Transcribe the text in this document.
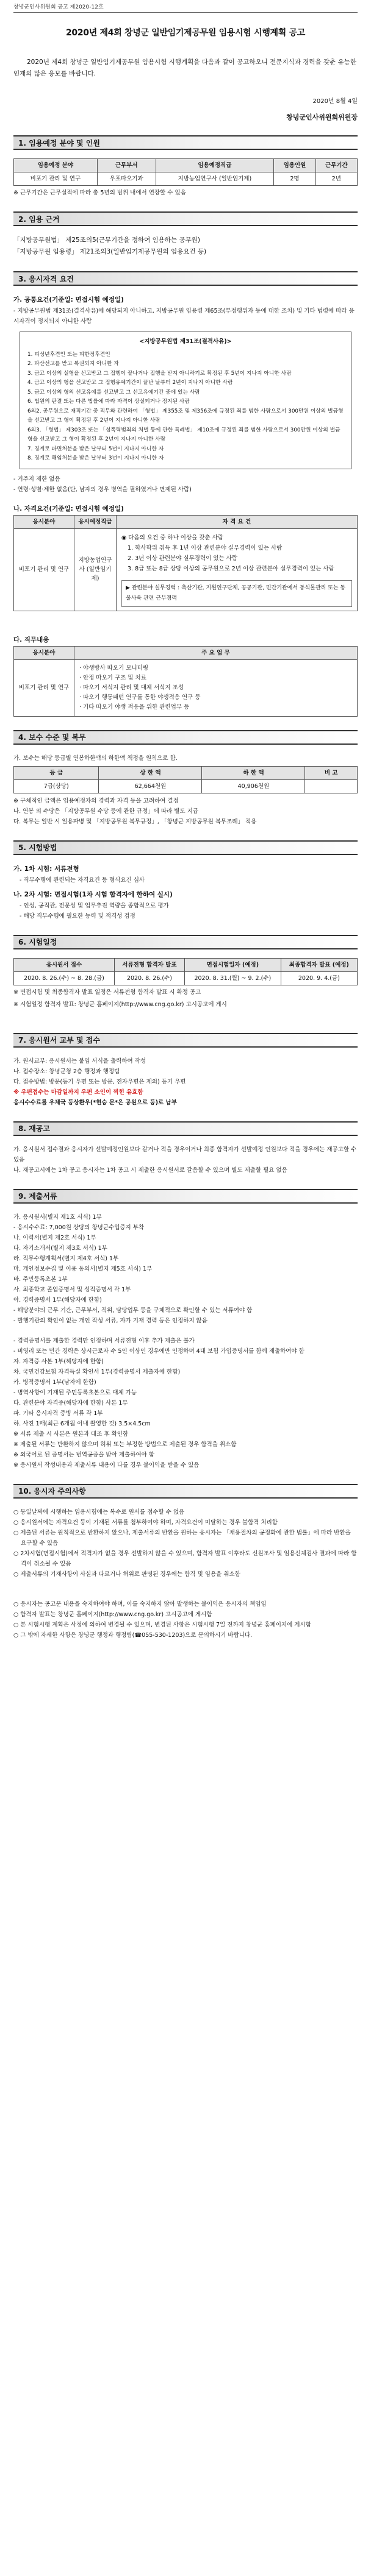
창녕군인사위원회 공고 제2020-12호
2020년 제4회 창녕군 일반임기제공무원 임용시험 시행계획 공고

2020년 제4회 창녕군 일반임기제공무원 임용시험 시행계획을 다음과 같이 공고하오니 전문지식과 경력을 갖춘 유능한 인재의 많은 응모를 바랍니다.

2020년 8월 4일
창녕군인사위원회위원장
1. 임용예정 분야 및 인원
임용예정 분야	근무부서	임용예정직급	임용인원	근무기간
비포기 관리 및 연구	우포따오기과	지방농업연구사 (일반임기제)	2명	2년
※ 근무기간은 근무실적에 따라 총 5년의 범위 내에서 연장할 수 있음
2. 임용 근거

「지방공무원법」 제25조의5(근무기간을 정하여 임용하는 공무원)

「지방공무원 임용령」 제21조의3(일반임기제공무원의 임용요건 등)

3. 응시자격 요건

가. 공통요건(기준일: 면접시험 예정일)

- 지방공무원법 제31조(결격사유)에 해당되지 아니하고, 지방공무원 임용령 제65조(부정행위자 등에 대한 조치) 및 기타 법령에 따라 응시자격이 정지되지 아니한 사람

<지방공무원법 제31조(결격사유)>
1. 피성년후견인 또는 피한정후견인
2. 파산선고를 받고 복권되지 아니한 자
3. 금고 이상의 실형을 선고받고 그 집행이 끝나거나 집행을 받지 아니하기로 확정된 후 5년이 지나지 아니한 사람
4. 금고 이상의 형을 선고받고 그 집행유예기간이 끝난 날부터 2년이 지나지 아니한 사람
5. 금고 이상의 형의 선고유예를 선고받고 그 선고유예기간 중에 있는 사람
6. 법원의 판결 또는 다른 법률에 따라 자격이 상실되거나 정지된 사람
6의2. 공무원으로 재직기간 중 직무와 관련하여 「형법」 제355조 및 제356조에 규정된 죄를 범한 사람으로서 300만원 이상의 벌금형을 선고받고 그 형이 확정된 후 2년이 지나지 아니한 사람
6의3. 「형법」 제303조 또는 「성폭력범죄의 처벌 등에 관한 특례법」 제10조에 규정된 죄를 범한 사람으로서 300만원 이상의 벌금형을 선고받고 그 형이 확정된 후 2년이 지나지 아니한 사람
7. 징계로 파면처분을 받은 날부터 5년이 지나지 아니한 자
8. 징계로 해임처분을 받은 날부터 3년이 지나지 아니한 자

- 거주지 제한 없음

- 연령·성별·제한 없음(단, 남자의 경우 병역을 필하였거나 면제된 사람)

나. 자격요건(기준일: 면접시험 예정일)

응시분야	응시예정직급	자 격 요 건
비포기 관리 및 연구	지방농업연구사 (일반임기제)	◉ 다음의 요건 중 하나 이상을 갖춘 사람
1. 학사학위 취득 후 1년 이상 관련분야 실무경력이 있는 사람
2. 3년 이상 관련분야 실무경력이 있는 사람
3. 8급 또는 8급 상당 이상의 공무원으로 2년 이상 관련분야 실무경력이 있는 사람
▶ 관련분야 실무경력 : 축산기관, 지원연구단체, 공공기관, 민간기관에서 동식물관리 또는 동물사육 관련 근무경력

다. 직무내용

응시분야	주 요 업 무
비포기 관리 및 연구	· 야생방사 따오기 모니터링
· 안정 따오기 구조 및 치료
· 따오기 서식지 관리 및 대체 서식지 조성
· 따오기 행동패턴 연구를 통한 야생적응 연구 등
· 기타 따오기 야생 적응을 위한 관련업무 등
4. 보수 수준 및 복무

가. 보수는 해당 등급별 연봉하한액의 하한액 책정을 원칙으로 함.

등 급	상 한 액	하 한 액	비 고
7급(상당)	62,664천원	40,906천원	

※ 구체적인 금액은 임용예정자의 경력과 자격 등을 고려하여 결정

나. 연봉 외 수당은 「지방공무원 수당 등에 관한 규정」에 따라 별도 지급

다. 복무는 일반 시 일용파병 및 「지방공무원 복무규정」, 「창녕군 지방공무원 복무조례」 적용

5. 시험방법

가. 1차 시험: 서류전형

- 직무수행에 관련되는 자격요건 등 형식요건 심사

나. 2차 시험: 면접시험(1차 시험 합격자에 한하여 실시)

- 인성, 공직관, 전문성 및 업무추진 역량을 종합적으로 평가

- 해당 직무수행에 필요한 능력 및 적격성 검정

6. 시험일정
응시원서 접수	서류전형 합격자 발표	면접시험일자 (예정)	최종합격자 발표 (예정)
2020. 8. 26.(수) ~ 8. 28.(금)	2020. 8. 26.(수)	2020. 8. 31.(월) ~ 9. 2.(수)	2020. 9. 4.(금)

※ 면접시험 및 최종합격자 발표 일정은 서류전형 합격자 발표 시 확정 공고

※ 시험일정 합격자 발표: 창녕군 홈페이지(http://www.cng.go.kr) 고시공고에 게시

7. 응시원서 교부 및 접수

가. 원서교부: 응시원서는 붙임 서식을 출력하여 작성

나. 접수장소: 창녕군청 2층 행정과 행정팀

다. 접수방법: 방문(등기 우편 또는 방문, 전자우편은 제외) 등기 우편

※ 우편접수는 마감일까지 우편 소인이 찍힌 유효함

응시수수료를 우체국 등상환우(*현승 문*은 공원으로 등)로 납부

8. 재공고

가. 응시원서 접수결과 응시자가 선발예정인원보다 같거나 적을 경우이거나 최종 합격자가 선발예정 인원보다 적을 경우에는 재공고할 수 있음

나. 재공고시에는 1차 공고 응시자는 1차 공고 시 제출한 응시원서로 갈음할 수 있으며 별도 제출할 필요 없음

9. 제출서류

가. 응시원서(별지 제1호 서식) 1부

- 응시수수료: 7,000원 상당의 창녕군수입증지 부착

나. 이력서(별지 제2호 서식) 1부

다. 자기소개서(별지 제3호 서식) 1부

라. 직무수행계획서(별지 제4호 서식) 1부

마. 개인정보수집 및 이용 동의서(별지 제5호 서식) 1부

바. 주민등록초본 1부

사. 최종학교 졸업증명서 및 성적증명서 각 1부

아. 경력증명서 1부(해당자에 한함)

- 해당분야의 근무 기간, 근무부서, 직위, 담당업무 등을 구체적으로 확인할 수 있는 서류여야 함

- 발행기관의 확인이 없는 개인 작성 서류, 자가 기재 경력 등은 인정하지 않음

- 경력증명서를 제출한 경력만 인정하며 서류전형 이후 추가 제출은 불가

- 비영리 또는 민간 경력은 상시근로자 수 5인 이상인 경우에만 인정하며 4대 보험 가입증명서를 함께 제출하여야 함

자. 자격증 사본 1부(해당자에 한함)

차. 국민건강보험 자격득실 확인서 1부(경력증명서 제출자에 한함)

카. 병적증명서 1부(남자에 한함)

- 병역사항이 기재된 주민등록초본으로 대체 가능

타. 관련분야 자격증(해당자에 한함) 사본 1부

파. 기타 응시자격 증빙 서류 각 1부

하. 사진 1매(최근 6개월 이내 촬영한 것) 3.5×4.5cm

※ 서류 제출 시 사본은 원본과 대조 후 확인함

※ 제출된 서류는 반환하지 않으며 허위 또는 부정한 방법으로 제출된 경우 합격을 취소함

※ 외국어로 된 증명서는 번역공증을 받아 제출하여야 함

※ 응시원서 작성내용과 제출서류 내용이 다를 경우 불이익을 받을 수 있음

10. 응시자 주의사항

○ 동일날짜에 시행하는 임용시험에는 복수로 원서를 접수할 수 없음

○ 응시원서에는 자격요건 등이 기재된 서류를 첨부하여야 하며, 자격요건이 미달하는 경우 불합격 처리함

○ 제출된 서류는 원칙적으로 반환하지 않으나, 제출서류의 반환을 원하는 응시자는 「채용절차의 공정화에 관한 법률」에 따라 반환을 요구할 수 있음

○ 2차시험(면접시험)에서 적격자가 없을 경우 선발하지 않을 수 있으며, 합격자 발표 이후라도 신원조사 및 임용신체검사 결과에 따라 합격이 취소될 수 있음

○ 제출서류의 기재사항이 사실과 다르거나 허위로 판명된 경우에는 합격 및 임용을 취소함

○ 응시자는 공고문 내용을 숙지하여야 하며, 이를 숙지하지 않아 발생하는 불이익은 응시자의 책임임

○ 합격자 발표는 창녕군 홈페이지(http://www.cng.go.kr) 고시공고에 게시함

○ 본 시험시행 계획은 사정에 의하여 변경될 수 있으며, 변경된 사항은 시험시행 7일 전까지 창녕군 홈페이지에 게시함

○ 그 밖에 자세한 사항은 창녕군 행정과 행정팀(☎055-530-1203)으로 문의하시기 바랍니다.
